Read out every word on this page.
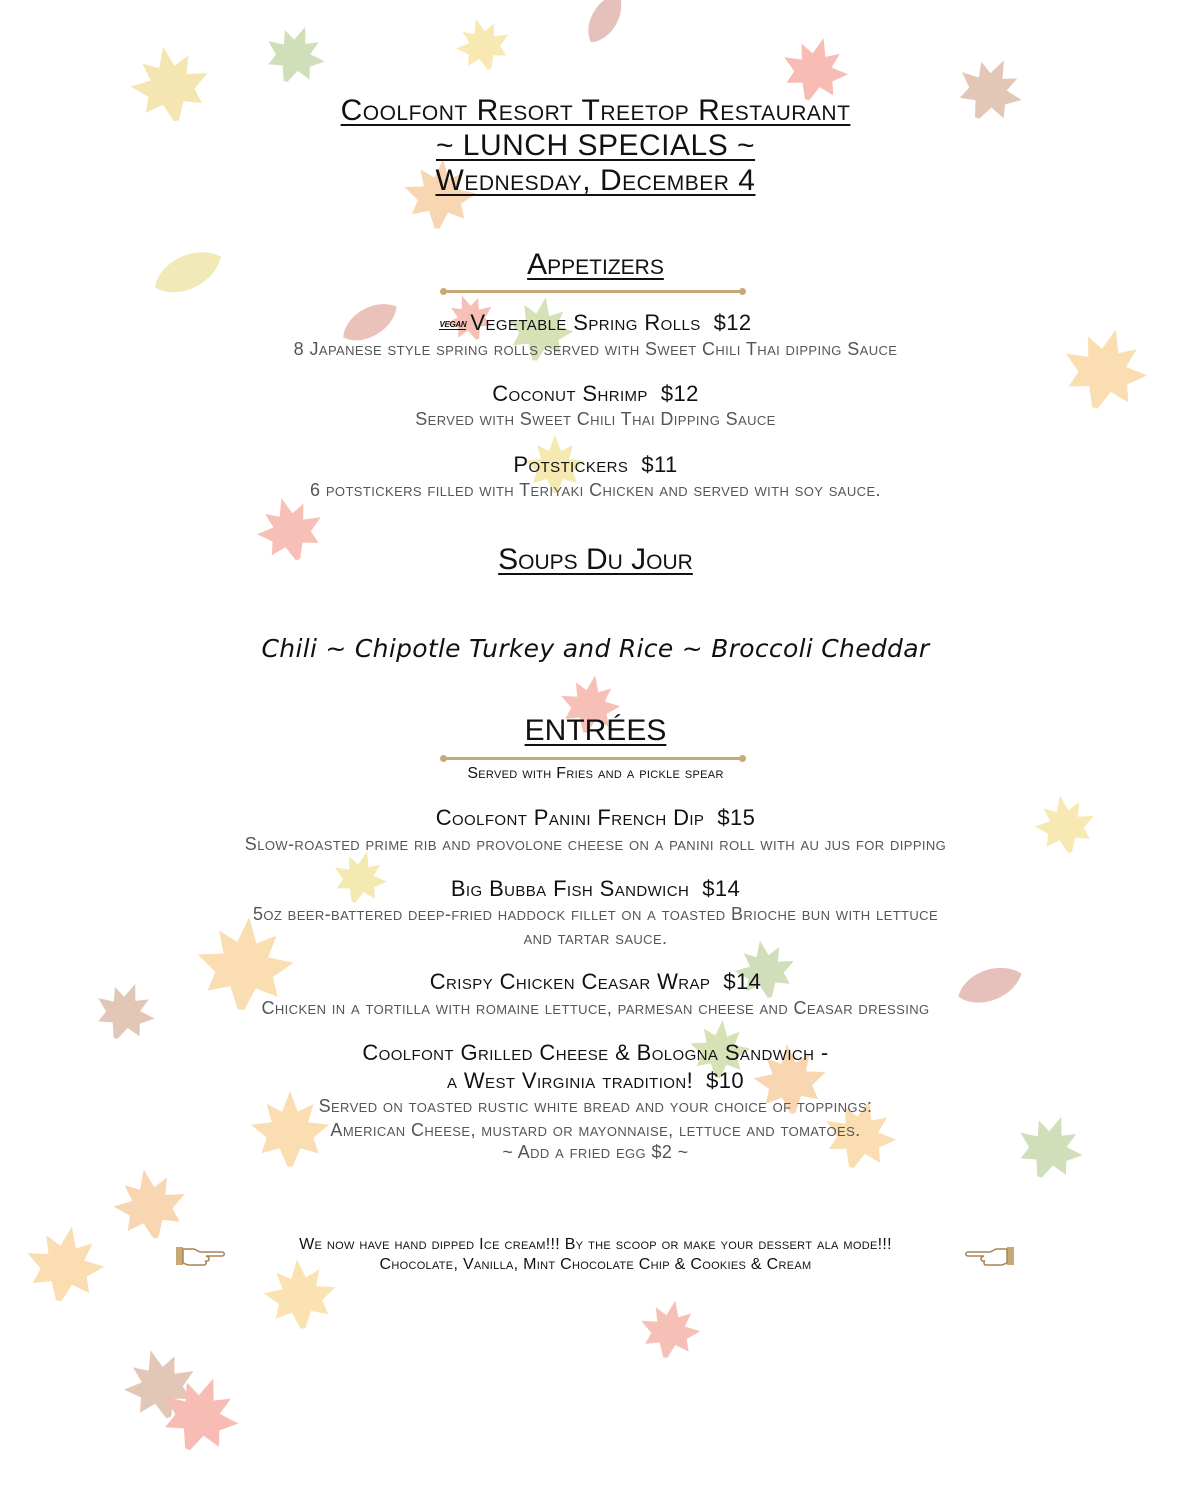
Coolfont Resort Treetop Restaurant
~ LUNCH SPECIALS ~
Wednesday, December 4
Appetizers
VEGAN Vegetable Spring Rolls $12
8 Japanese style spring rolls served with Sweet Chili Thai dipping Sauce
Coconut Shrimp $12
Served with Sweet Chili Thai Dipping Sauce
Potstickers $11
6 potstickers filled with Teriyaki Chicken and served with soy sauce.
Soups Du Jour
Chili ~ Chipotle Turkey and Rice ~ Broccoli Cheddar
ENTRÉES
Served with Fries and a pickle spear
Coolfont Panini French Dip $15
Slow-roasted prime rib and provolone cheese on a panini roll with au jus for dipping
Big Bubba Fish Sandwich $14
5oz beer-battered deep-fried haddock fillet on a toasted Brioche bun with lettuce
and tartar sauce.
Crispy Chicken Ceasar Wrap $14
Chicken in a tortilla with romaine lettuce, parmesan cheese and Ceasar dressing
Coolfont Grilled Cheese & Bologna Sandwich -
a West Virginia tradition! $10
Served on toasted rustic white bread and your choice of toppings:
American Cheese, mustard or mayonnaise, lettuce and tomatoes.
~ Add a fried egg $2 ~
We now have hand dipped Ice cream!!! By the scoop or make your dessert ala mode!!!
Chocolate, Vanilla, Mint Chocolate Chip & Cookies & Cream
